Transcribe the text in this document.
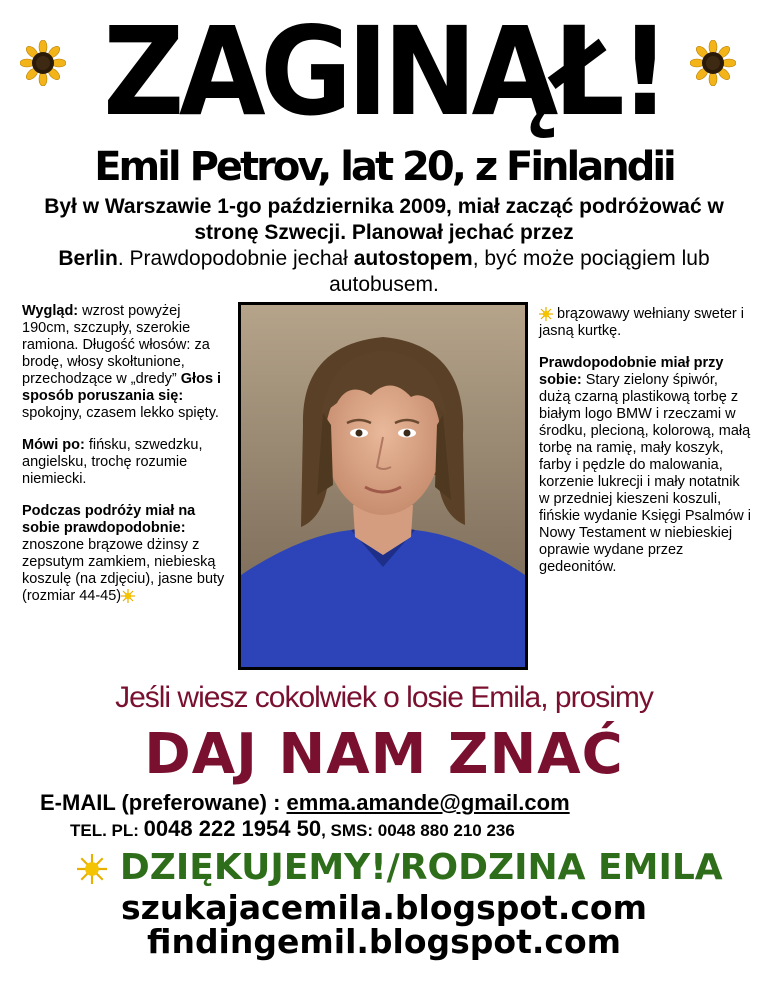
ZAGINĄŁ!
Emil Petrov, lat 20, z Finlandii

Był w Warszawie 1-go października 2009, miał zacząć podróżować w stronę Szwecji. Planował jechać przez

Berlin. Prawdopodobnie jechał autostopem, być może pociągiem lub autobusem.

Wygląd: wzrost powyżej 190cm, szczupły, szerokie ramiona. Długość włosów: za brodę, włosy skołtunione, przechodzące w „dredy” Głos i sposób poruszania się: spokojny, czasem lekko spięty.

Mówi po: fińsku, szwedzku, angielsku, trochę rozumie niemiecki.

Podczas podróży miał na sobie prawdopodobnie: znoszone brązowe dżinsy z zepsutym zamkiem, niebieską koszulę (na zdjęciu), jasne buty (rozmiar 44-45)

brązowawy wełniany sweter i jasną kurtkę.

Prawdopodobnie miał przy sobie: Stary zielony śpiwór, dużą czarną plastikową torbę z białym logo BMW i rzeczami w środku, plecioną, kolorową, małą torbę na ramię, mały koszyk, farby i pędzle do malowania, korzenie lukrecji i mały notatnik w przedniej kieszeni koszuli, fińskie wydanie Księgi Psalmów i Nowy Testament w niebieskiej oprawie wydane przez gedeonitów.

Jeśli wiesz cokolwiek o losie Emila, prosimy
DAJ NAM ZNAĆ
E-MAIL (preferowane) : emma.amande@gmail.com
TEL. PL: 0048 222 1954 50, SMS: 0048 880 210 236
DZIĘKUJEMY!/RODZINA EMILA
szukajacemila.blogspot.com
findingemil.blogspot.com
